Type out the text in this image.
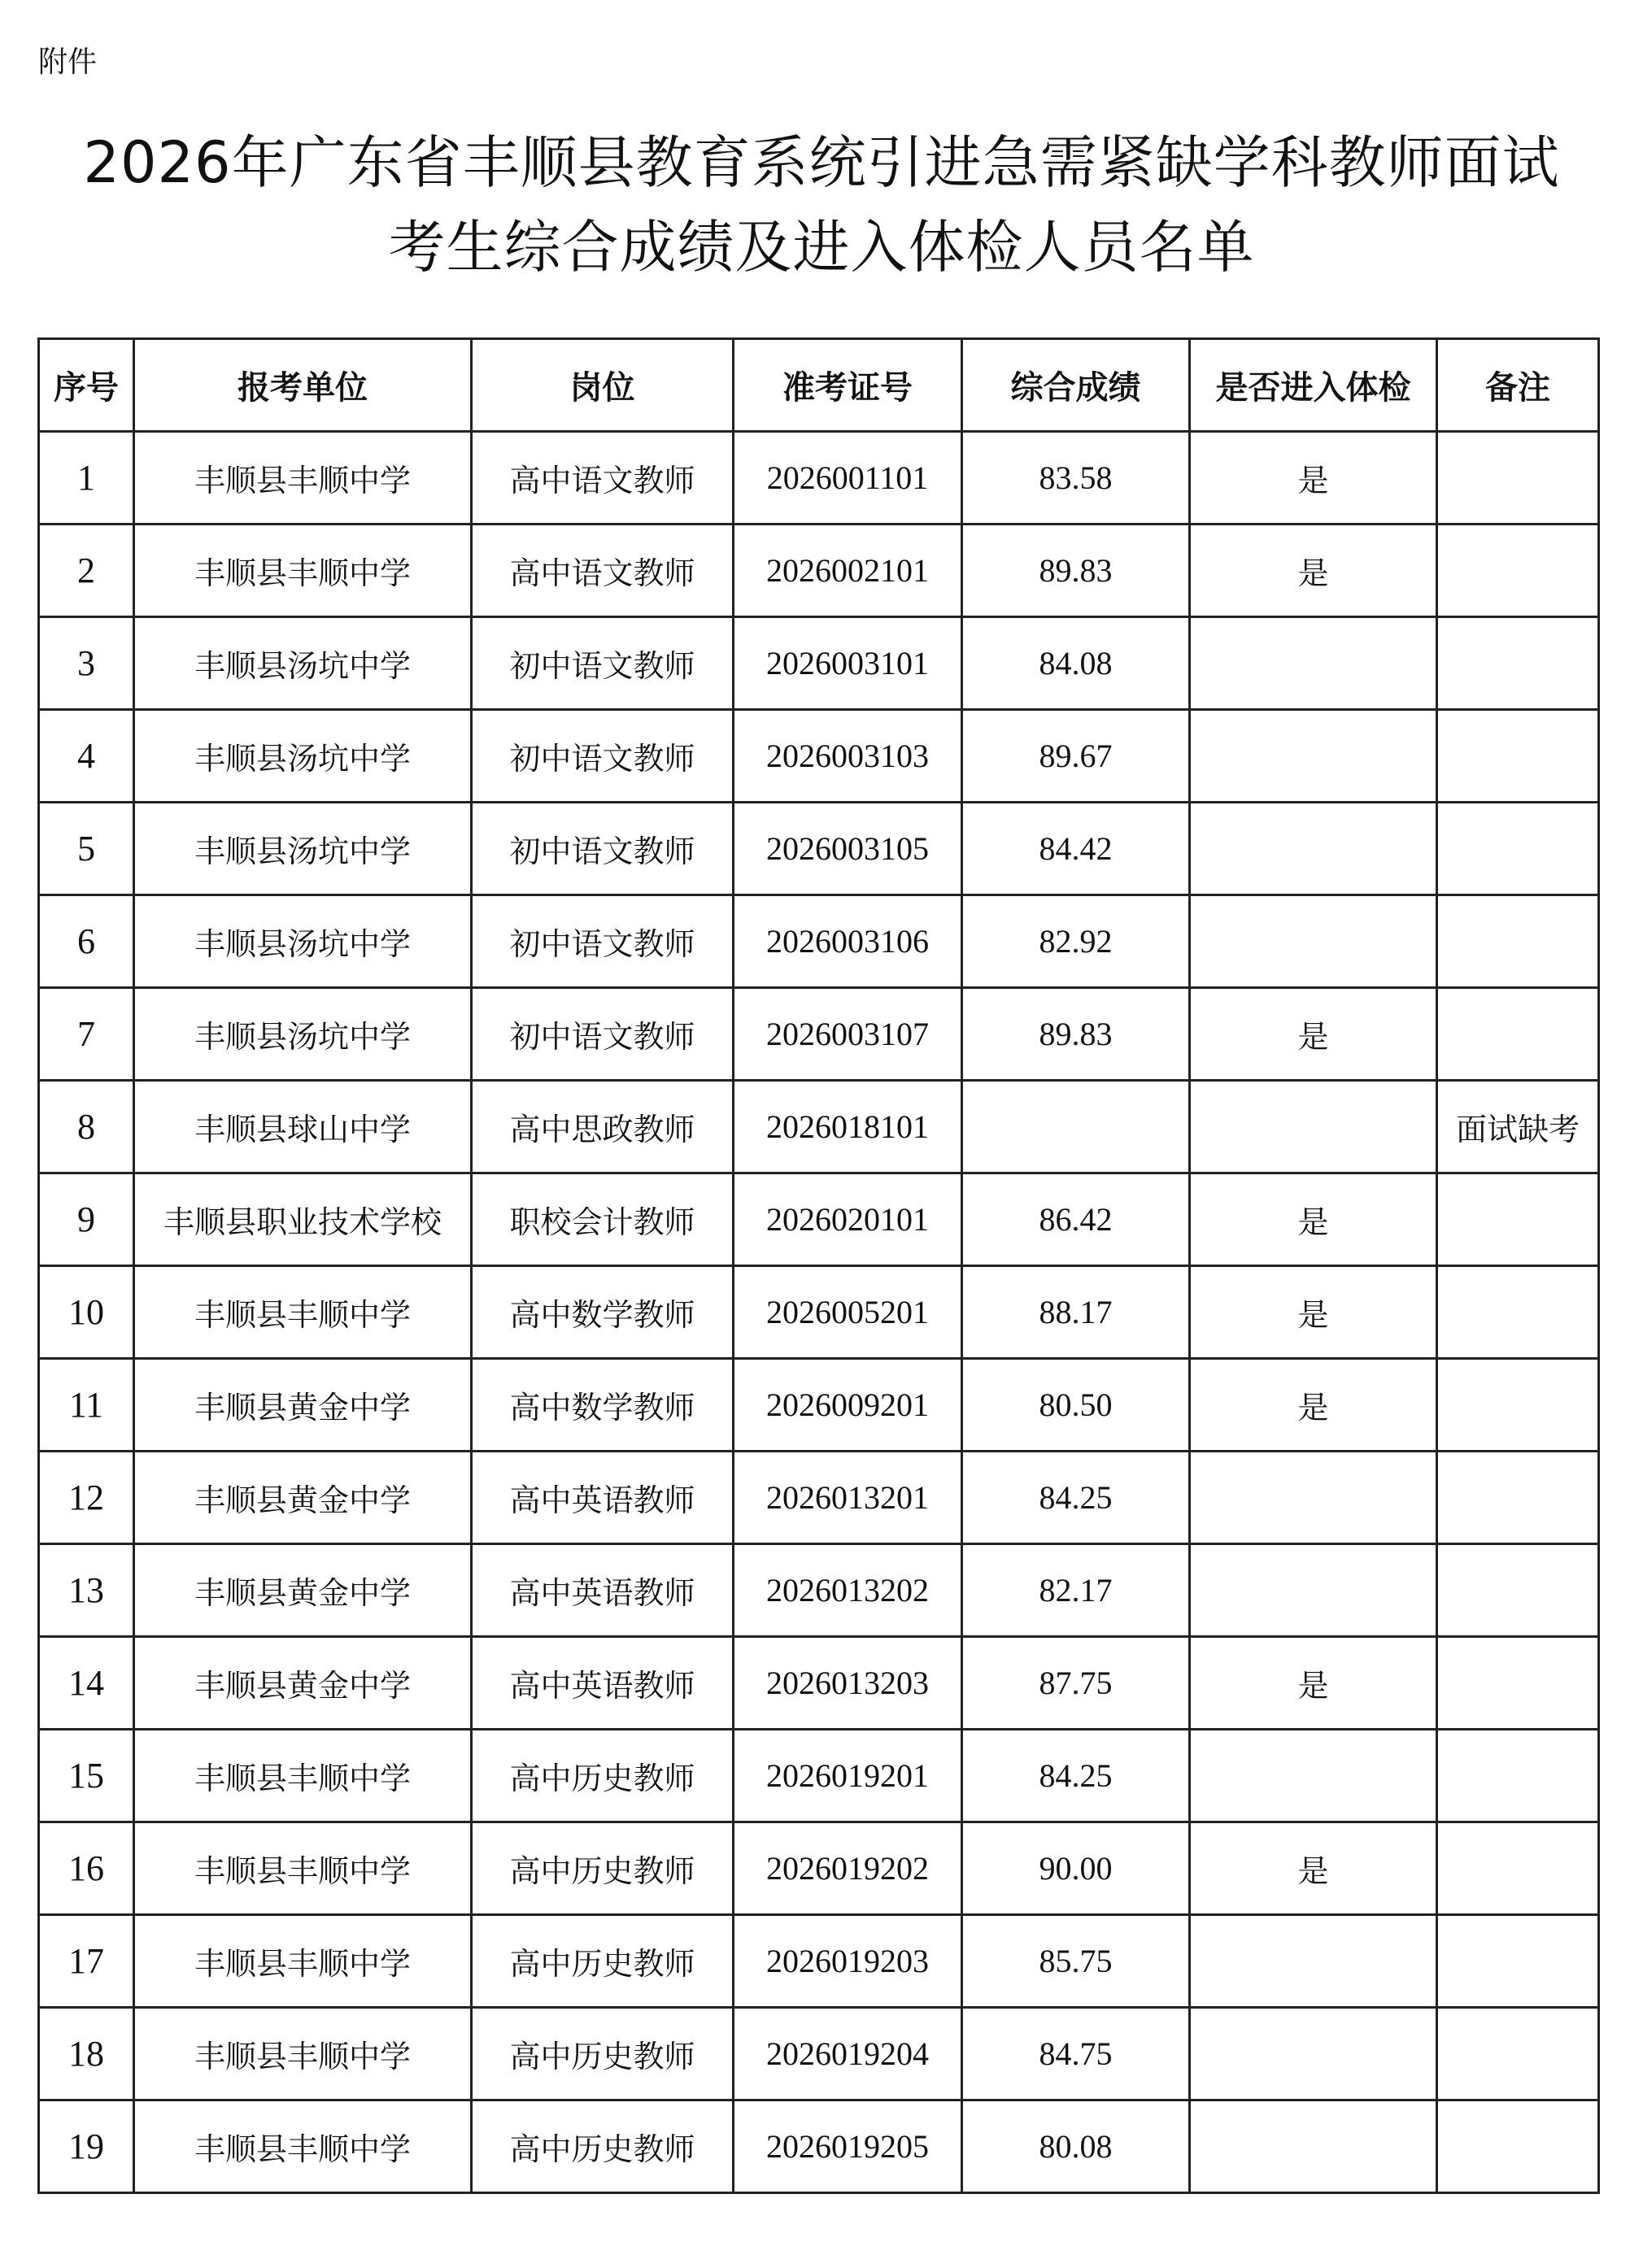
附件
2026年广东省丰顺县教育系统引进急需紧缺学科教师面试
考生综合成绩及进入体检人员名单
序号	报考单位	岗位	准考证号	综合成绩	是否进入体检	备注
1	丰顺县丰顺中学	高中语文教师	2026001101	83.58	是	
2	丰顺县丰顺中学	高中语文教师	2026002101	89.83	是	
3	丰顺县汤坑中学	初中语文教师	2026003101	84.08		
4	丰顺县汤坑中学	初中语文教师	2026003103	89.67		
5	丰顺县汤坑中学	初中语文教师	2026003105	84.42		
6	丰顺县汤坑中学	初中语文教师	2026003106	82.92		
7	丰顺县汤坑中学	初中语文教师	2026003107	89.83	是	
8	丰顺县球山中学	高中思政教师	2026018101			面试缺考
9	丰顺县职业技术学校	职校会计教师	2026020101	86.42	是	
10	丰顺县丰顺中学	高中数学教师	2026005201	88.17	是	
11	丰顺县黄金中学	高中数学教师	2026009201	80.50	是	
12	丰顺县黄金中学	高中英语教师	2026013201	84.25		
13	丰顺县黄金中学	高中英语教师	2026013202	82.17		
14	丰顺县黄金中学	高中英语教师	2026013203	87.75	是	
15	丰顺县丰顺中学	高中历史教师	2026019201	84.25		
16	丰顺县丰顺中学	高中历史教师	2026019202	90.00	是	
17	丰顺县丰顺中学	高中历史教师	2026019203	85.75		
18	丰顺县丰顺中学	高中历史教师	2026019204	84.75		
19	丰顺县丰顺中学	高中历史教师	2026019205	80.08		
